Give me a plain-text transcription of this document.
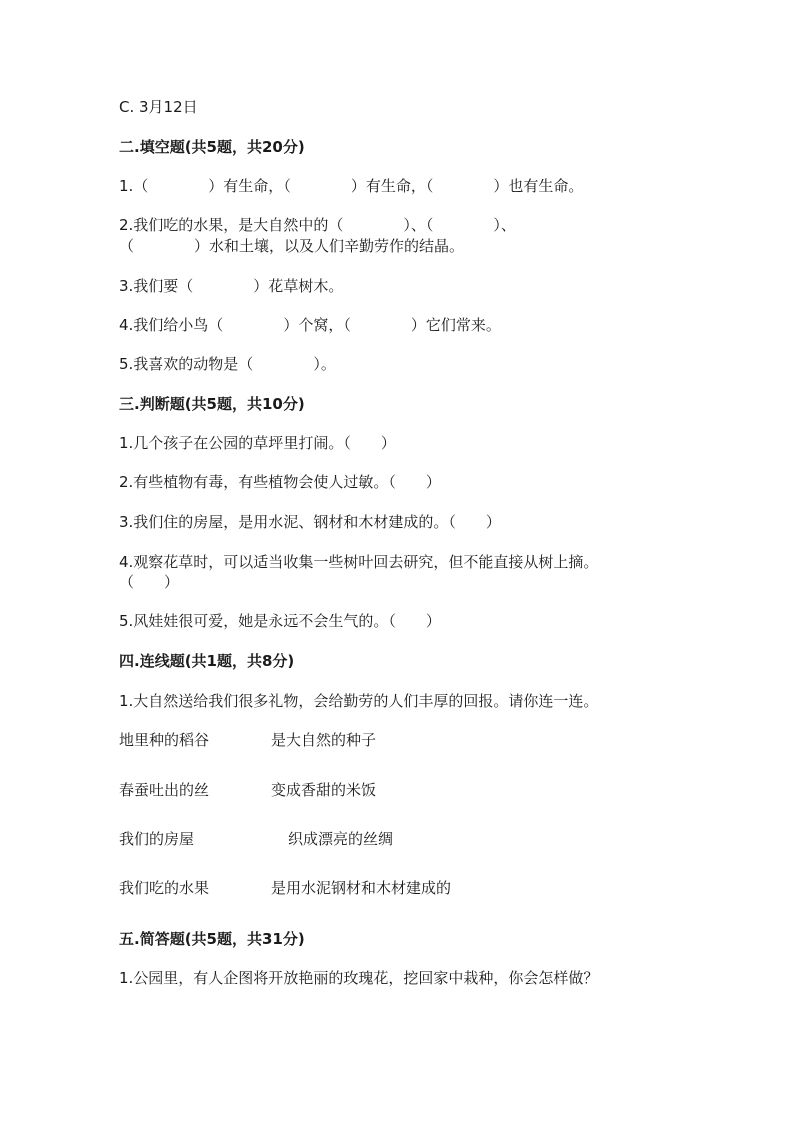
C. 3月12日
二.填空题(共5题，共20分)
1.（　　　　）有生命，（　　　　）有生命，（　　　　）也有生命。
2.我们吃的水果，是大自然中的（　　　　）、（　　　　）、
（　　　　）水和土壤，以及人们辛勤劳作的结晶。
3.我们要（　　　　）花草树木。
4.我们给小鸟（　　　　）个窝，（　　　　）它们常来。
5.我喜欢的动物是（　　　　）。
三.判断题(共5题，共10分)
1.几个孩子在公园的草坪里打闹。（　　）
2.有些植物有毒，有些植物会使人过敏。（　　）
3.我们住的房屋，是用水泥、钢材和木材建成的。（　　）
4.观察花草时，可以适当收集一些树叶回去研究，但不能直接从树上摘。
（　　）
5.风娃娃很可爱，她是永远不会生气的。（　　）
四.连线题(共1题，共8分)
1.大自然送给我们很多礼物，会给勤劳的人们丰厚的回报。请你连一连。
地里种的稻谷	是大自然的种子
春蚕吐出的丝	变成香甜的米饭
我们的房屋	织成漂亮的丝绸
我们吃的水果	是用水泥钢材和木材建成的
五.简答题(共5题，共31分)
1.公园里，有人企图将开放艳丽的玫瑰花，挖回家中栽种，你会怎样做？
